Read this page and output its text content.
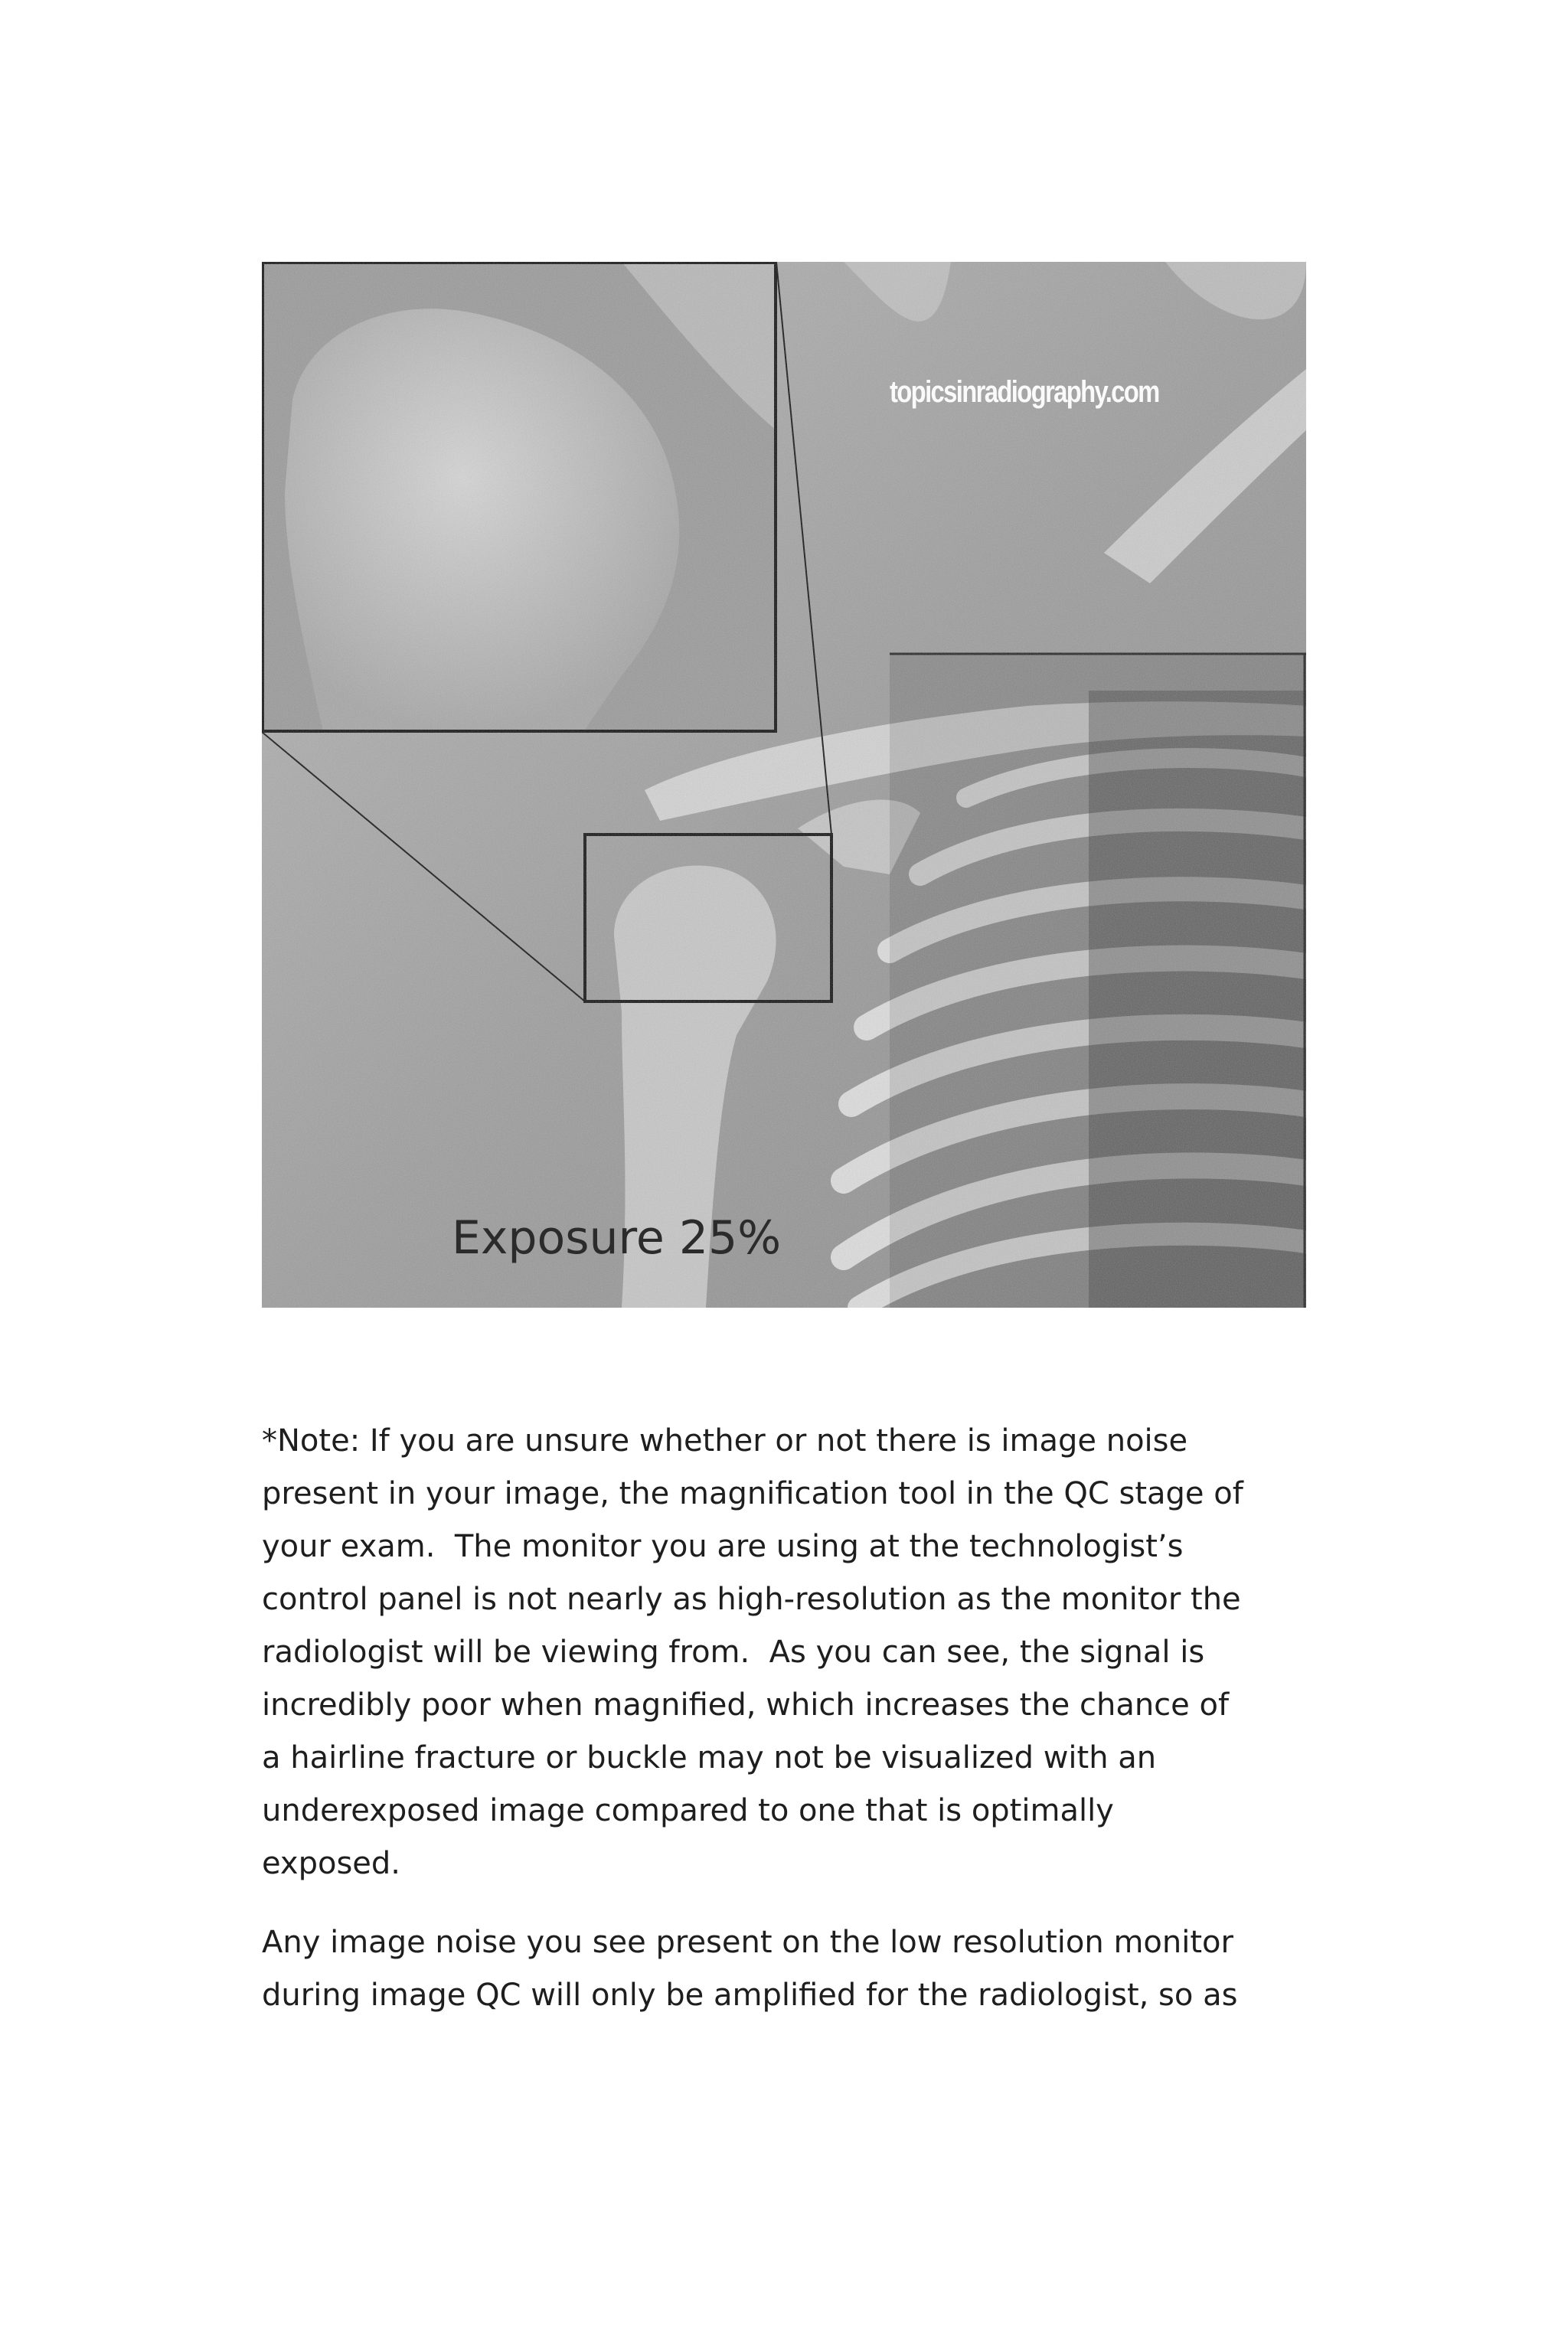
topicsinradiography.com
Exposure 25%
*Note: If you are unsure whether or not there is image noise
present in your image, the magnification tool in the QC stage of
your exam.  The monitor you are using at the technologist’s
control panel is not nearly as high-resolution as the monitor the
radiologist will be viewing from.  As you can see, the signal is
incredibly poor when magnified, which increases the chance of
a hairline fracture or buckle may not be visualized with an
underexposed image compared to one that is optimally
exposed.
Any image noise you see present on the low resolution monitor
during image QC will only be amplified for the radiologist, so as
